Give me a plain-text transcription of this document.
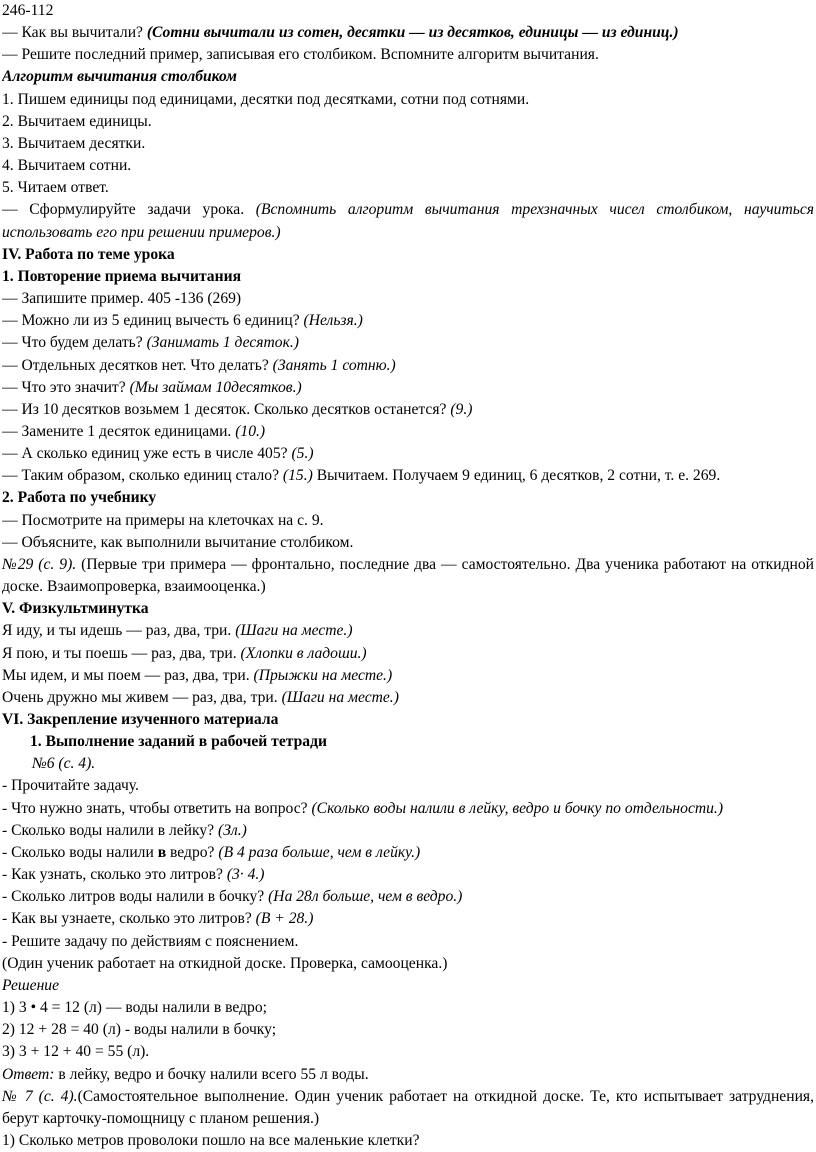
246-112
— Как вы вычитали? (Сотни вычитали из сотен, десятки — из десятков, единицы — из единиц.)
— Решите последний пример, записывая его столбиком. Вспомните алгоритм вычитания.
Алгоритм вычитания столбиком
1. Пишем единицы под единицами, десятки под десятками, сотни под сотнями.
2. Вычитаем единицы.
3. Вычитаем десятки.
4. Вычитаем сотни.
5. Читаем ответ.
— Сформулируйте задачи урока. (Вспомнить алгоритм вычитания трехзначных чисел столбиком, научиться использовать его при решении примеров.)
IV. Работа по теме урока
1. Повторение приема вычитания
— Запишите пример. 405 -136 (269)
— Можно ли из 5 единиц вычесть 6 единиц? (Нельзя.)
— Что будем делать? (Занимать 1 десяток.)
— Отдельных десятков нет. Что делать? (Занять 1 сотню.)
— Что это значит? (Мы займам 10десятков.)
— Из 10 десятков возьмем 1 десяток. Сколько десятков останется? (9.)
— Замените 1 десяток единицами. (10.)
— А сколько единиц уже есть в числе 405? (5.)
— Таким образом, сколько единиц стало? (15.) Вычитаем. Получаем 9 единиц, 6 десятков, 2 сотни, т. е. 269.
2. Работа по учебнику
— Посмотрите на примеры на клеточках на с. 9.
— Объясните, как выполнили вычитание столбиком.
№29 (с. 9). (Первые три примера — фронтально, последние два — самостоятельно. Два ученика работают на откидной доске. Взаимопроверка, взаимооценка.)
V. Физкультминутка
Я иду, и ты идешь — раз, два, три. (Шаги на месте.)
Я пою, и ты поешь — раз, два, три. (Хлопки в ладоши.)
Мы идем, и мы поем — раз, два, три. (Прыжки на месте.)
Очень дружно мы живем — раз, два, три. (Шаги на месте.)
VI. Закрепление изученного материала
1. Выполнение заданий в рабочей тетради
№6 (с. 4).
- Прочитайте задачу.
- Что нужно знать, чтобы ответить на вопрос? (Сколько воды налили в лейку, ведро и бочку по отдельности.)
- Сколько воды налили в лейку? (Зл.)
- Сколько воды налили в ведро? (В 4 раза больше, чем в лейку.)
- Как узнать, сколько это литров? (3· 4.)
- Сколько литров воды налили в бочку? (На 28л больше, чем в ведро.)
- Как вы узнаете, сколько это литров? (В + 28.)
- Решите задачу по действиям с пояснением.
(Один ученик работает на откидной доске. Проверка, самооценка.)
Решение
1) 3 • 4 = 12 (л) — воды налили в ведро;
2) 12 + 28 = 40 (л) - воды налили в бочку;
3) 3 + 12 + 40 = 55 (л).
Ответ: в лейку, ведро и бочку налили всего 55 л воды.
№ 7 (с. 4).(Самостоятельное выполнение. Один ученик работает на откидной доске. Те, кто испытывает затруднения, берут карточку-помощницу с планом решения.)
1) Сколько метров проволоки пошло на все маленькие клетки?
